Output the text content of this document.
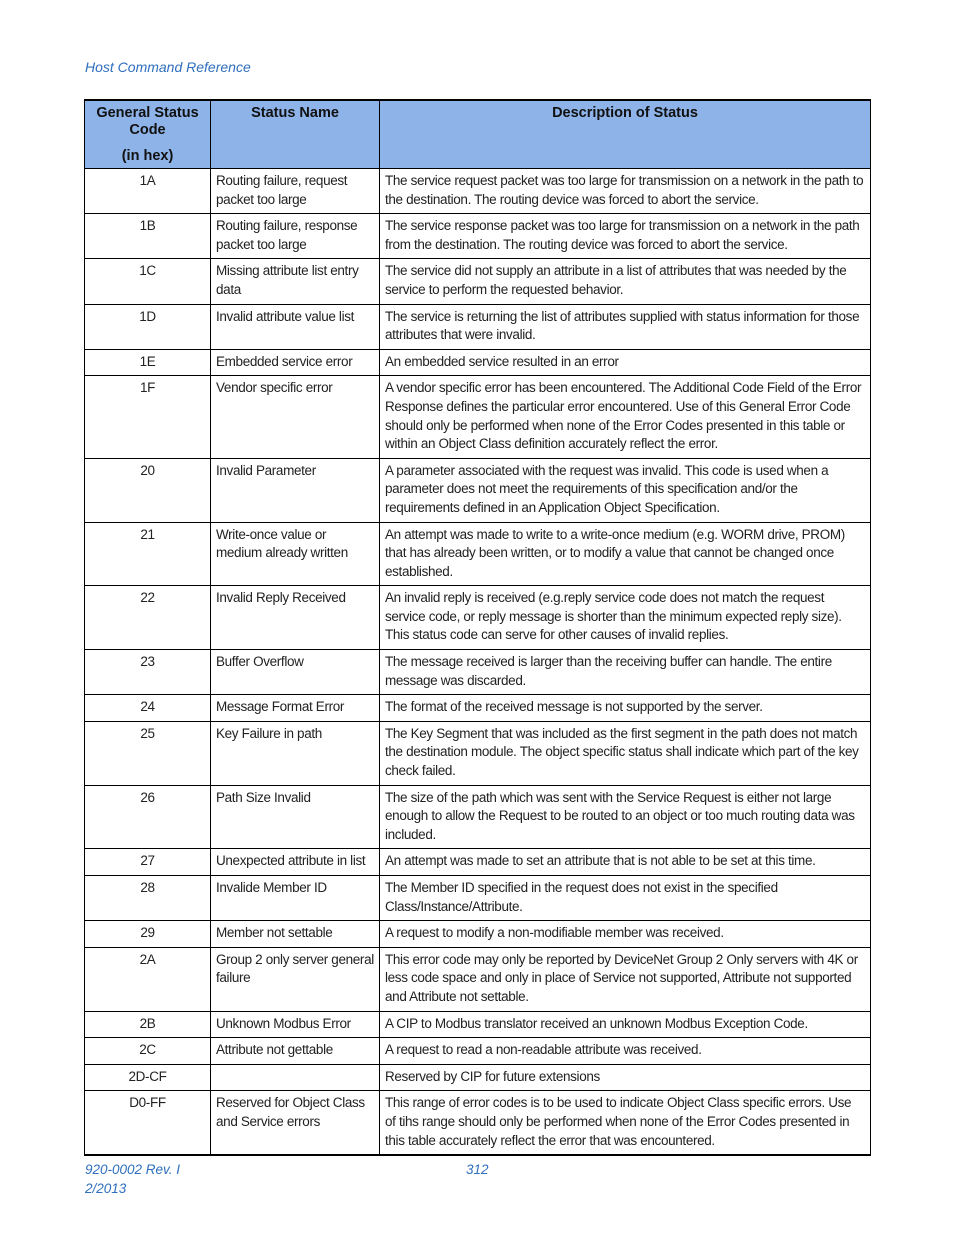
Host Command Reference
General Status Code
(in hex)	Status Name	Description of Status
1A	Routing failure, request packet too large	The service request packet was too large for transmission on a network in the path to the destination. The routing device was forced to abort the service.
1B	Routing failure, response packet too large	The service response packet was too large for transmission on a network in the path from the destination. The routing device was forced to abort the service.
1C	Missing attribute list entry data	The service did not supply an attribute in a list of attributes that was needed by the service to perform the requested behavior.
1D	Invalid attribute value list	The service is returning the list of attributes supplied with status information for those attributes that were invalid.
1E	Embedded service error	An embedded service resulted in an error
1F	Vendor specific error	A vendor specific error has been encountered. The Additional Code Field of the Error Response defines the particular error encountered. Use of this General Error Code should only be performed when none of the Error Codes presented in this table or within an Object Class definition accurately reflect the error.
20	Invalid Parameter	A parameter associated with the request was invalid. This code is used when a parameter does not meet the requirements of this specification and/or the requirements defined in an Application Object Specification.
21	Write-once value or medium already written	An attempt was made to write to a write-once medium (e.g. WORM drive, PROM) that has already been written, or to modify a value that cannot be changed once established.
22	Invalid Reply Received	An invalid reply is received (e.g.reply service code does not match the request service code, or reply message is shorter than the minimum expected reply size). This status code can serve for other causes of invalid replies.
23	Buffer Overflow	The message received is larger than the receiving buffer can handle. The entire message was discarded.
24	Message Format Error	The format of the received message is not supported by the server.
25	Key Failure in path	The Key Segment that was included as the first segment in the path does not match the destination module. The object specific status shall indicate which part of the key check failed.
26	Path Size Invalid	The size of the path which was sent with the Service Request is either not large enough to allow the Request to be routed to an object or too much routing data was included.
27	Unexpected attribute in list	An attempt was made to set an attribute that is not able to be set at this time.
28	Invalide Member ID	The Member ID specified in the request does not exist in the specified Class/Instance/Attribute.
29	Member not settable	A request to modify a non-modifiable member was received.
2A	Group 2 only server general failure	This error code may only be reported by DeviceNet Group 2 Only servers with 4K or less code space and only in place of Service not supported, Attribute not supported and Attribute not settable.
2B	Unknown Modbus Error	A CIP to Modbus translator received an unknown Modbus Exception Code.
2C	Attribute not gettable	A request to read a non-readable attribute was received.
2D-CF		Reserved by CIP for future extensions
D0-FF	Reserved for Object Class and Service errors	This range of error codes is to be used to indicate Object Class specific errors. Use of tihs range should only be performed when none of the Error Codes presented in this table accurately reflect the error that was encountered.
920-0002 Rev. I
2/2013
312
